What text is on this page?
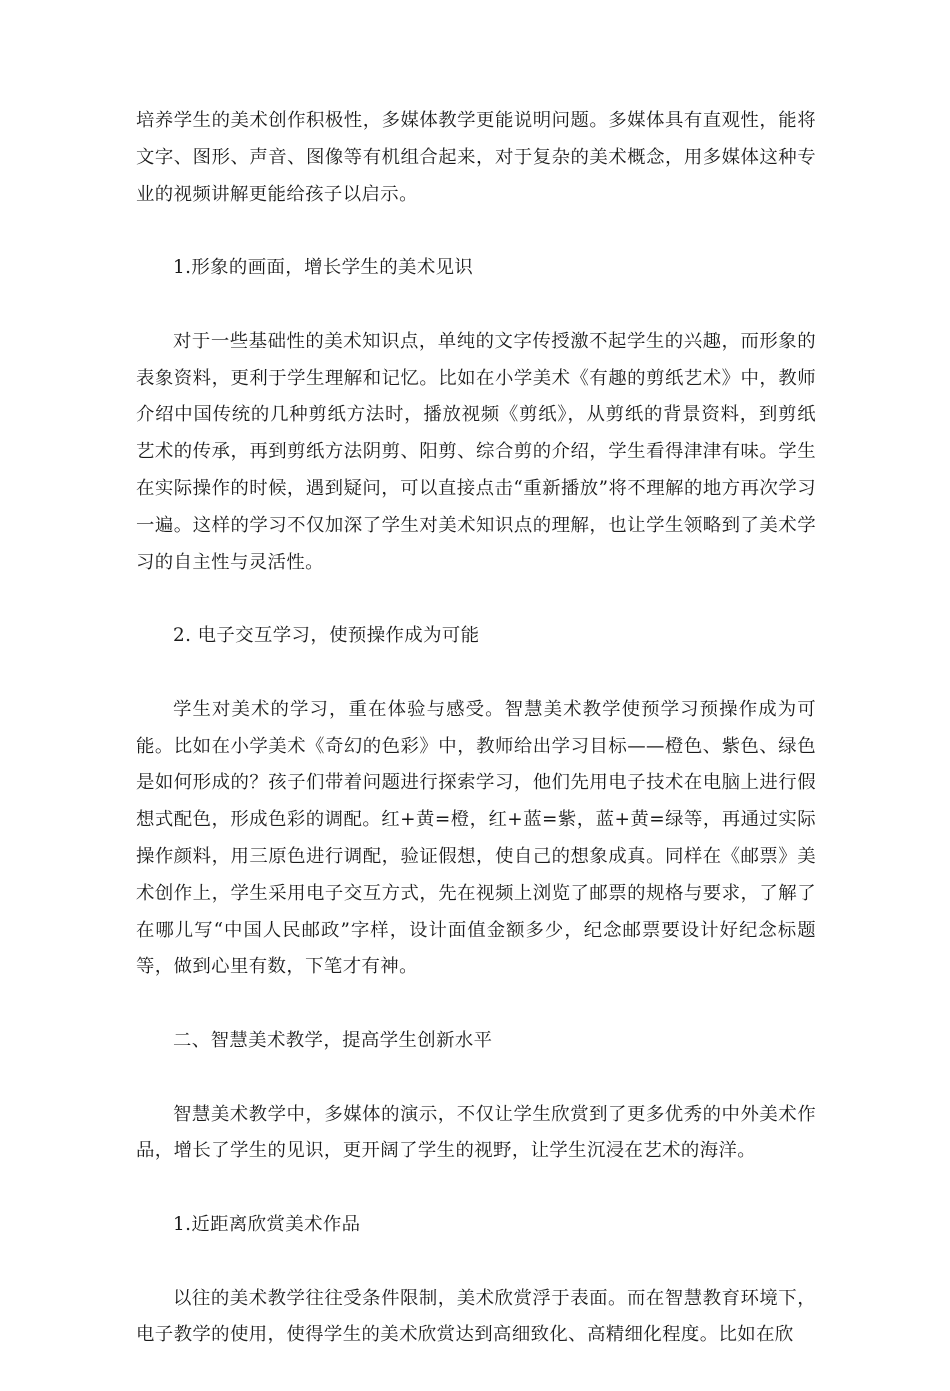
培养学生的美术创作积极性，多媒体教学更能说明问题。多媒体具有直观性，能将文字、图形、声音、图像等有机组合起来，对于复杂的美术概念，用多媒体这种专业的视频讲解更能给孩子以启示。

1.形象的画面，增长学生的美术见识

对于一些基础性的美术知识点，单纯的文字传授激不起学生的兴趣，而形象的表象资料，更利于学生理解和记忆。比如在小学美术《有趣的剪纸艺术》中，教师介绍中国传统的几种剪纸方法时，播放视频《剪纸》，从剪纸的背景资料，到剪纸艺术的传承，再到剪纸方法阴剪、阳剪、综合剪的介绍，学生看得津津有味。学生在实际操作的时候，遇到疑问，可以直接点击“重新播放”将不理解的地方再次学习一遍。这样的学习不仅加深了学生对美术知识点的理解，也让学生领略到了美术学习的自主性与灵活性。

2. 电子交互学习，使预操作成为可能

学生对美术的学习，重在体验与感受。智慧美术教学使预学习预操作成为可能。比如在小学美术《奇幻的色彩》中，教师给出学习目标——橙色、紫色、绿色是如何形成的？孩子们带着问题进行探索学习，他们先用电子技术在电脑上进行假想式配色，形成色彩的调配。红+黄=橙，红+蓝=紫，蓝+黄=绿等，再通过实际操作颜料，用三原色进行调配，验证假想，使自己的想象成真。同样在《邮票》美术创作上，学生采用电子交互方式，先在视频上浏览了邮票的规格与要求，了解了在哪儿写“中国人民邮政”字样，设计面值金额多少，纪念邮票要设计好纪念标题等，做到心里有数，下笔才有神。

二、智慧美术教学，提高学生创新水平

智慧美术教学中，多媒体的演示，不仅让学生欣赏到了更多优秀的中外美术作品，增长了学生的见识，更开阔了学生的视野，让学生沉浸在艺术的海洋。

1.近距离欣赏美术作品

以往的美术教学往往受条件限制，美术欣赏浮于表面。而在智慧教育环境下，电子教学的使用，使得学生的美术欣赏达到高细致化、高精细化程度。比如在欣
